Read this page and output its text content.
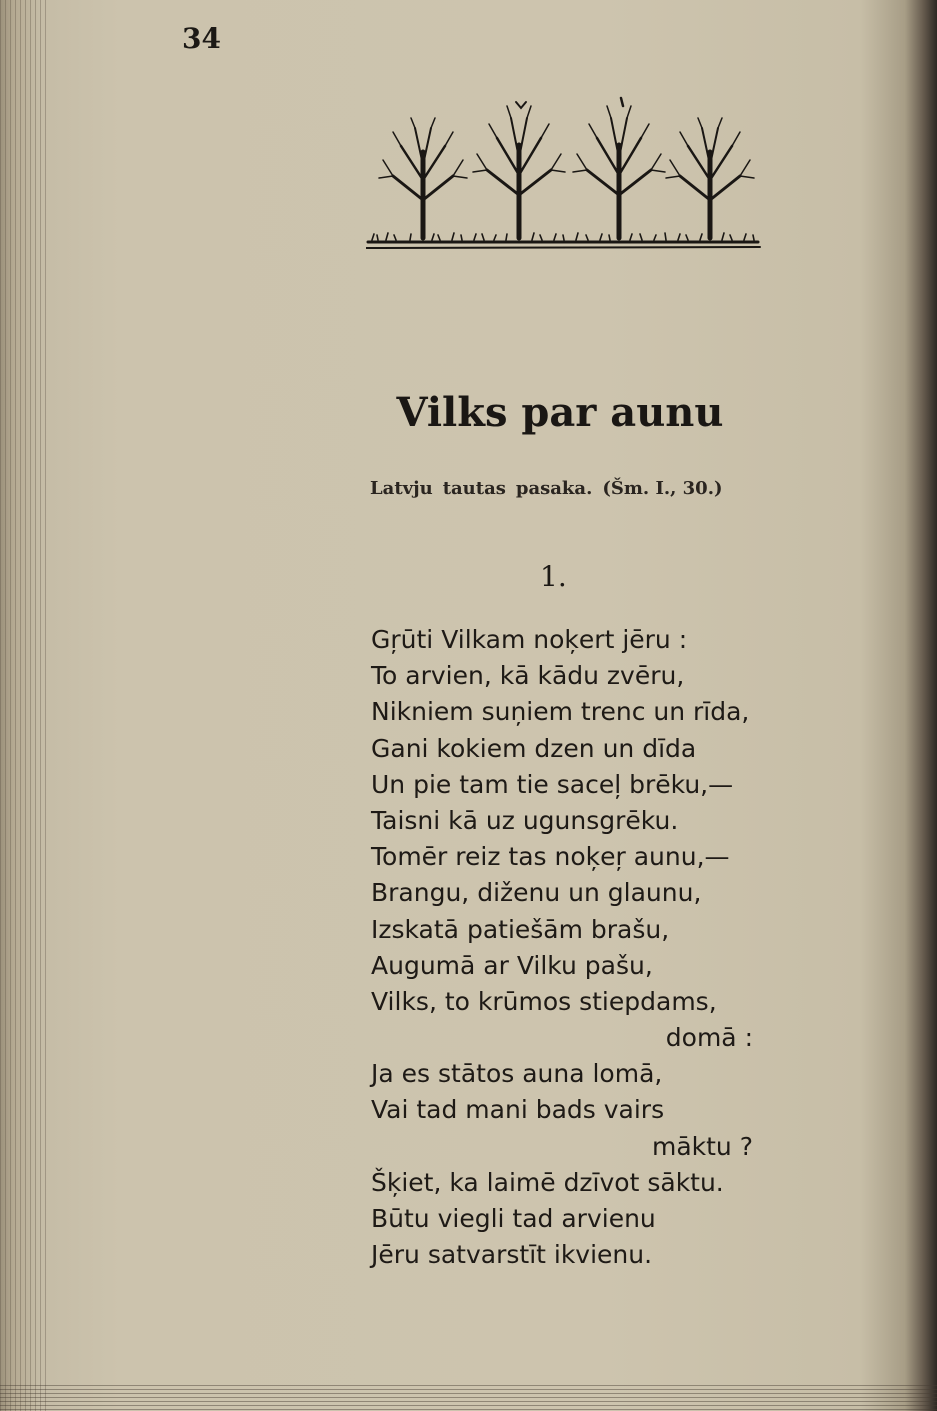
34
Vilks par aunu
Latvju tautas pasaka. (Šm. I., 30.)
1.
Gŗūti Vilkam noķert jēru :
To arvien, kā kādu zvēru,
Nikniem suņiem trenc un rīda,
Gani kokiem dzen un dīda
Un pie tam tie saceļ brēku,—
Taisni kā uz ugunsgrēku.
Tomēr reiz tas noķeŗ aunu,—
Brangu, diženu un glaunu,
Izskatā patiešām brašu,
Augumā ar Vilku pašu,
Vilks, to krūmos stiepdams,
domā :
Ja es stātos auna lomā,
Vai tad mani bads vairs
māktu ?
Šķiet, ka laimē dzīvot sāktu.
Būtu viegli tad arvienu
Jēru satvarstīt ikvienu.
